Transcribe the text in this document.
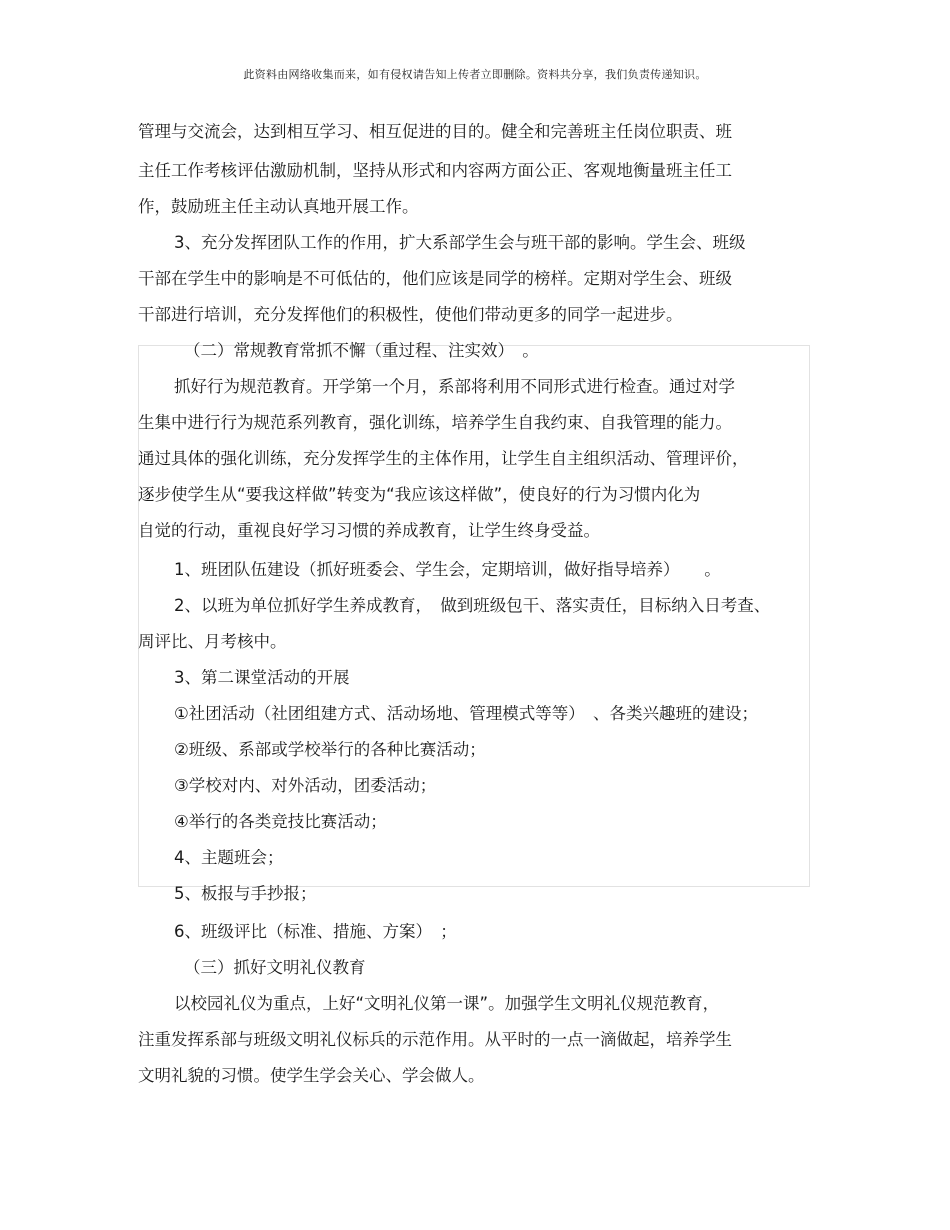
此资料由网络收集而来，如有侵权请告知上传者立即删除。资料共分享，我们负责传递知识。
管理与交流会，达到相互学习、相互促进的目的。健全和完善班主任岗位职责、班
主任工作考核评估激励机制，坚持从形式和内容两方面公正、客观地衡量班主任工
作，鼓励班主任主动认真地开展工作。
3、充分发挥团队工作的作用，扩大系部学生会与班干部的影响。学生会、班级
干部在学生中的影响是不可低估的，他们应该是同学的榜样。定期对学生会、班级
干部进行培训，充分发挥他们的积极性，使他们带动更多的同学一起进步。
（二）常规教育常抓不懈（重过程、注实效）　。
抓好行为规范教育。开学第一个月，系部将利用不同形式进行检查。通过对学
生集中进行行为规范系列教育，强化训练，培养学生自我约束、自我管理的能力。
通过具体的强化训练，充分发挥学生的主体作用，让学生自主组织活动、管理评价，
逐步使学生从“要我这样做”转变为“我应该这样做”，使良好的行为习惯内化为
自觉的行动，重视良好学习习惯的养成教育，让学生终身受益。
1、班团队伍建设（抓好班委会、学生会，定期培训，做好指导培养）　　。
2、以班为单位抓好学生养成教育，　做到班级包干、落实责任，目标纳入日考查、
周评比、月考核中。
3、第二课堂活动的开展
①社团活动（社团组建方式、活动场地、管理模式等等）　、各类兴趣班的建设；
②班级、系部或学校举行的各种比赛活动；
③学校对内、对外活动，团委活动；
④举行的各类竞技比赛活动；
4、主题班会；
5、板报与手抄报；
6、班级评比（标准、措施、方案）　；
（三）抓好文明礼仪教育
以校园礼仪为重点，上好“文明礼仪第一课”。加强学生文明礼仪规范教育，
注重发挥系部与班级文明礼仪标兵的示范作用。从平时的一点一滴做起，培养学生
文明礼貌的习惯。使学生学会关心、学会做人。
